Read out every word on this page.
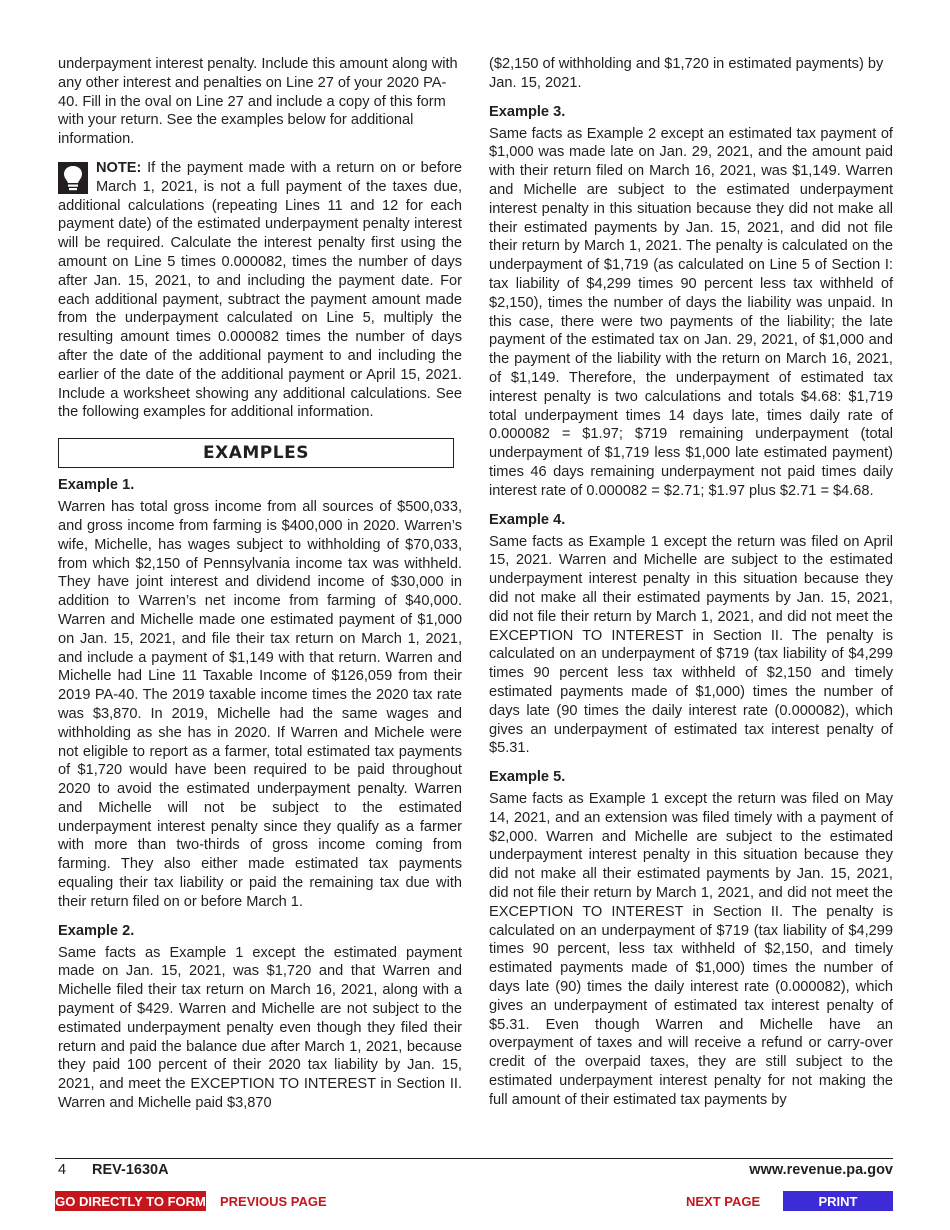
underpayment interest penalty. Include this amount along with any other interest and penalties on Line 27 of your 2020 PA-40. Fill in the oval on Line 27 and include a copy of this form with your return. See the examples below for additional information.

NOTE: If the payment made with a return on or before March 1, 2021, is not a full payment of the taxes due, additional calculations (repeating Lines 11 and 12 for each payment date) of the estimated underpayment penalty interest will be required. Calculate the interest penalty first using the amount on Line 5 times 0.000082, times the number of days after Jan. 15, 2021, to and including the payment date. For each additional payment, subtract the payment amount made from the underpayment calculated on Line 5, multiply the resulting amount times 0.000082 times the number of days after the date of the additional payment to and including the earlier of the date of the additional payment or April 15, 2021. Include a worksheet showing any additional calculations. See the following examples for additional information.

EXAMPLES
Example 1.

Warren has total gross income from all sources of $500,033, and gross income from farming is $400,000 in 2020. Warren’s wife, Michelle, has wages subject to withholding of $70,033, from which $2,150 of Pennsylvania income tax was withheld. They have joint interest and dividend income of $30,000 in addition to Warren’s net income from farming of $40,000. Warren and Michelle made one estimated payment of $1,000 on Jan. 15, 2021, and file their tax return on March 1, 2021, and include a payment of $1,149 with that return. Warren and Michelle had Line 11 Taxable Income of $126,059 from their 2019 PA-40. The 2019 taxable income times the 2020 tax rate was $3,870. In 2019, Michelle had the same wages and withholding as she has in 2020. If Warren and Michele were not eligible to report as a farmer, total estimated tax payments of $1,720 would have been required to be paid throughout 2020 to avoid the estimated underpayment penalty. Warren and Michelle will not be subject to the estimated underpayment interest penalty since they qualify as a farmer with more than two-thirds of gross income coming from farming. They also either made estimated tax payments equaling their tax liability or paid the remaining tax due with their return filed on or before March 1.

Example 2.

Same facts as Example 1 except the estimated payment made on Jan. 15, 2021, was $1,720 and that Warren and Michelle filed their tax return on March 16, 2021, along with a payment of $429. Warren and Michelle are not subject to the estimated underpayment penalty even though they filed their return and paid the balance due after March 1, 2021, because they paid 100 percent of their 2020 tax liability by Jan. 15, 2021, and meet the EXCEPTION TO INTEREST in Section II. Warren and Michelle paid $3,870

($2,150 of withholding and $1,720 in estimated payments) by Jan. 15, 2021.

Example 3.

Same facts as Example 2 except an estimated tax payment of $1,000 was made late on Jan. 29, 2021, and the amount paid with their return filed on March 16, 2021, was $1,149. Warren and Michelle are subject to the estimated underpayment interest penalty in this situation because they did not make all their estimated payments by Jan. 15, 2021, and did not file their return by March 1, 2021. The penalty is calculated on the underpayment of $1,719 (as calculated on Line 5 of Section I: tax liability of $4,299 times 90 percent less tax withheld of $2,150), times the number of days the liability was unpaid. In this case, there were two payments of the liability; the late payment of the estimated tax on Jan. 29, 2021, of $1,000 and the payment of the liability with the return on March 16, 2021, of $1,149. Therefore, the underpayment of estimated tax interest penalty is two calculations and totals $4.68: $1,719 total underpayment times 14 days late, times daily rate of 0.000082 = $1.97; $719 remaining underpayment (total underpayment of $1,719 less $1,000 late estimated payment) times 46 days remaining underpayment not paid times daily interest rate of 0.000082 = $2.71; $1.97 plus $2.71 = $4.68.

Example 4.

Same facts as Example 1 except the return was filed on April 15, 2021. Warren and Michelle are subject to the estimated underpayment interest penalty in this situation because they did not make all their estimated payments by Jan. 15, 2021, did not file their return by March 1, 2021, and did not meet the EXCEPTION TO INTEREST in Section II. The penalty is calculated on an underpayment of $719 (tax liability of $4,299 times 90 percent less tax withheld of $2,150 and timely estimated payments made of $1,000) times the number of days late (90 times the daily interest rate (0.000082), which gives an underpayment of estimated tax interest penalty of $5.31.

Example 5.

Same facts as Example 1 except the return was filed on May 14, 2021, and an extension was filed timely with a payment of $2,000. Warren and Michelle are subject to the estimated underpayment interest penalty in this situation because they did not make all their estimated payments by Jan. 15, 2021, did not file their return by March 1, 2021, and did not meet the EXCEPTION TO INTEREST in Section II. The penalty is calculated on an underpayment of $719 (tax liability of $4,299 times 90 percent, less tax withheld of $2,150, and timely estimated payments made of $1,000) times the number of days late (90) times the daily interest rate (0.000082), which gives an underpayment of estimated tax interest penalty of $5.31. Even though Warren and Michelle have an overpayment of taxes and will receive a refund or carry-over credit of the overpaid taxes, they are still subject to the estimated underpayment interest penalty for not making the full amount of their estimated tax payments by

4 REV-1630A	www.revenue.pa.gov
GO DIRECTLY TO FORM PREVIOUS PAGE	NEXT PAGE	PRINT
